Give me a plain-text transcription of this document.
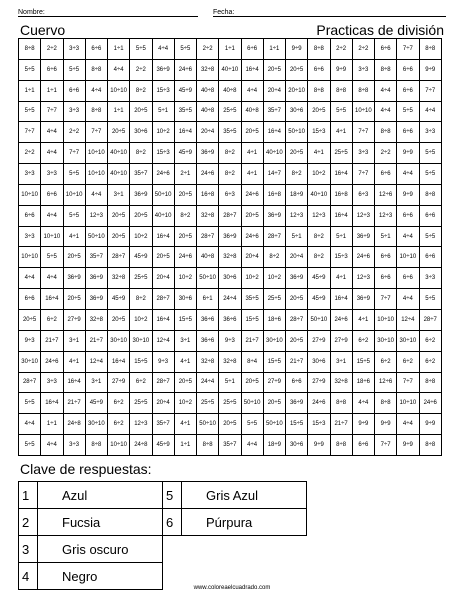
Nombre:	Fecha:
Cuervo	Practicas de división
8÷8	2÷2	3÷3	6÷6	1÷1	5÷5	4÷4	5÷5	2÷2	1÷1	6÷6	1÷1	9÷9	8÷8	2÷2	2÷2	6÷6	7÷7	8÷8
5÷5	6÷6	5÷5	8÷8	4÷4	2÷2	36÷9	24÷6	32÷8	40÷10	16÷4	20÷5	20÷5	6÷6	9÷9	3÷3	8÷8	6÷6	9÷9
1÷1	1÷1	6÷6	4÷4	10÷10	8÷2	15÷3	45÷9	40÷8	40÷8	4÷4	20÷4	20÷10	8÷8	8÷8	8÷8	4÷4	6÷6	7÷7
5÷5	7÷7	3÷3	8÷8	1÷1	20÷5	5÷1	35÷5	40÷8	25÷5	40÷8	35÷7	30÷6	20÷5	5÷5	10÷10	4÷4	5÷5	4÷4
7÷7	4÷4	2÷2	7÷7	20÷5	30÷6	10÷2	16÷4	20÷4	35÷5	20÷5	16÷4	50÷10	15÷3	4÷1	7÷7	8÷8	6÷6	3÷3
2÷2	4÷4	7÷7	10÷10	40÷10	8÷2	15÷3	45÷9	36÷9	8÷2	4÷1	40÷10	20÷5	4÷1	25÷5	3÷3	2÷2	9÷9	5÷5
3÷3	3÷3	5÷5	10÷10	40÷10	35÷7	24÷6	2÷1	24÷6	8÷2	4÷1	14÷7	8÷2	10÷2	16÷4	7÷7	6÷6	4÷4	5÷5
10÷10	6÷6	10÷10	4÷4	3÷1	36÷9	50÷10	20÷5	16÷8	6÷3	24÷6	16÷8	18÷9	40÷10	16÷8	6÷3	12÷6	9÷9	8÷8
6÷6	4÷4	5÷5	12÷3	20÷5	20÷5	40÷10	8÷2	32÷8	28÷7	20÷5	36÷9	12÷3	12÷3	16÷4	12÷3	12÷3	6÷6	6÷6
3÷3	10÷10	4÷1	50÷10	20÷5	10÷2	16÷4	20÷5	28÷7	36÷9	24÷6	28÷7	5÷1	8÷2	5÷1	36÷9	5÷1	4÷4	5÷5
10÷10	5÷5	20÷5	35÷7	28÷7	45÷9	20÷5	24÷6	40÷8	32÷8	20÷4	8÷2	20÷4	8÷2	15÷3	24÷6	6÷6	10÷10	6÷6
4÷4	4÷4	36÷9	36÷9	32÷8	25÷5	20÷4	10÷2	50÷10	30÷6	10÷2	10÷2	36÷9	45÷9	4÷1	12÷3	6÷6	6÷6	3÷3
6÷6	16÷4	20÷5	36÷9	45÷9	8÷2	28÷7	30÷6	6÷1	24÷4	35÷5	25÷5	20÷5	45÷9	16÷4	36÷9	7÷7	4÷4	5÷5
20÷5	6÷2	27÷9	32÷8	20÷5	10÷2	16÷4	15÷5	36÷6	36÷6	15÷5	18÷6	28÷7	50÷10	24÷6	4÷1	10÷10	12÷4	28÷7
9÷3	21÷7	3÷1	21÷7	30÷10	30÷10	12÷4	3÷1	36÷6	9÷3	21÷7	30÷10	20÷5	27÷9	27÷9	6÷2	30÷10	30÷10	6÷2
30÷10	24÷6	4÷1	12÷4	16÷4	15÷5	9÷3	4÷1	32÷8	32÷8	8÷4	15÷5	21÷7	30÷6	3÷1	15÷5	6÷2	6÷2	6÷2
28÷7	3÷3	16÷4	3÷1	27÷9	6÷2	28÷7	20÷5	24÷4	5÷1	20÷5	27÷9	6÷6	27÷9	32÷8	18÷6	12÷6	7÷7	8÷8
5÷5	16÷4	21÷7	45÷9	6÷2	25÷5	20÷4	10÷2	25÷5	25÷5	50÷10	20÷5	36÷9	24÷6	8÷8	4÷4	8÷8	10÷10	24÷6
4÷4	1÷1	24÷8	30÷10	6÷2	12÷3	35÷7	4÷1	50÷10	20÷5	5÷5	50÷10	15÷5	15÷3	21÷7	9÷9	9÷9	4÷4	9÷9
5÷5	4÷4	3÷3	8÷8	10÷10	24÷8	45÷9	1÷1	8÷8	35÷7	4÷4	18÷9	30÷6	9÷9	8÷8	6÷6	7÷7	9÷9	8÷8
Clave de respuestas:
1	Azul	5	Gris Azul
2	Fucsia	6	Púrpura
3	Gris oscuro		
4	Negro		
www.coloreaelcuadrado.com
